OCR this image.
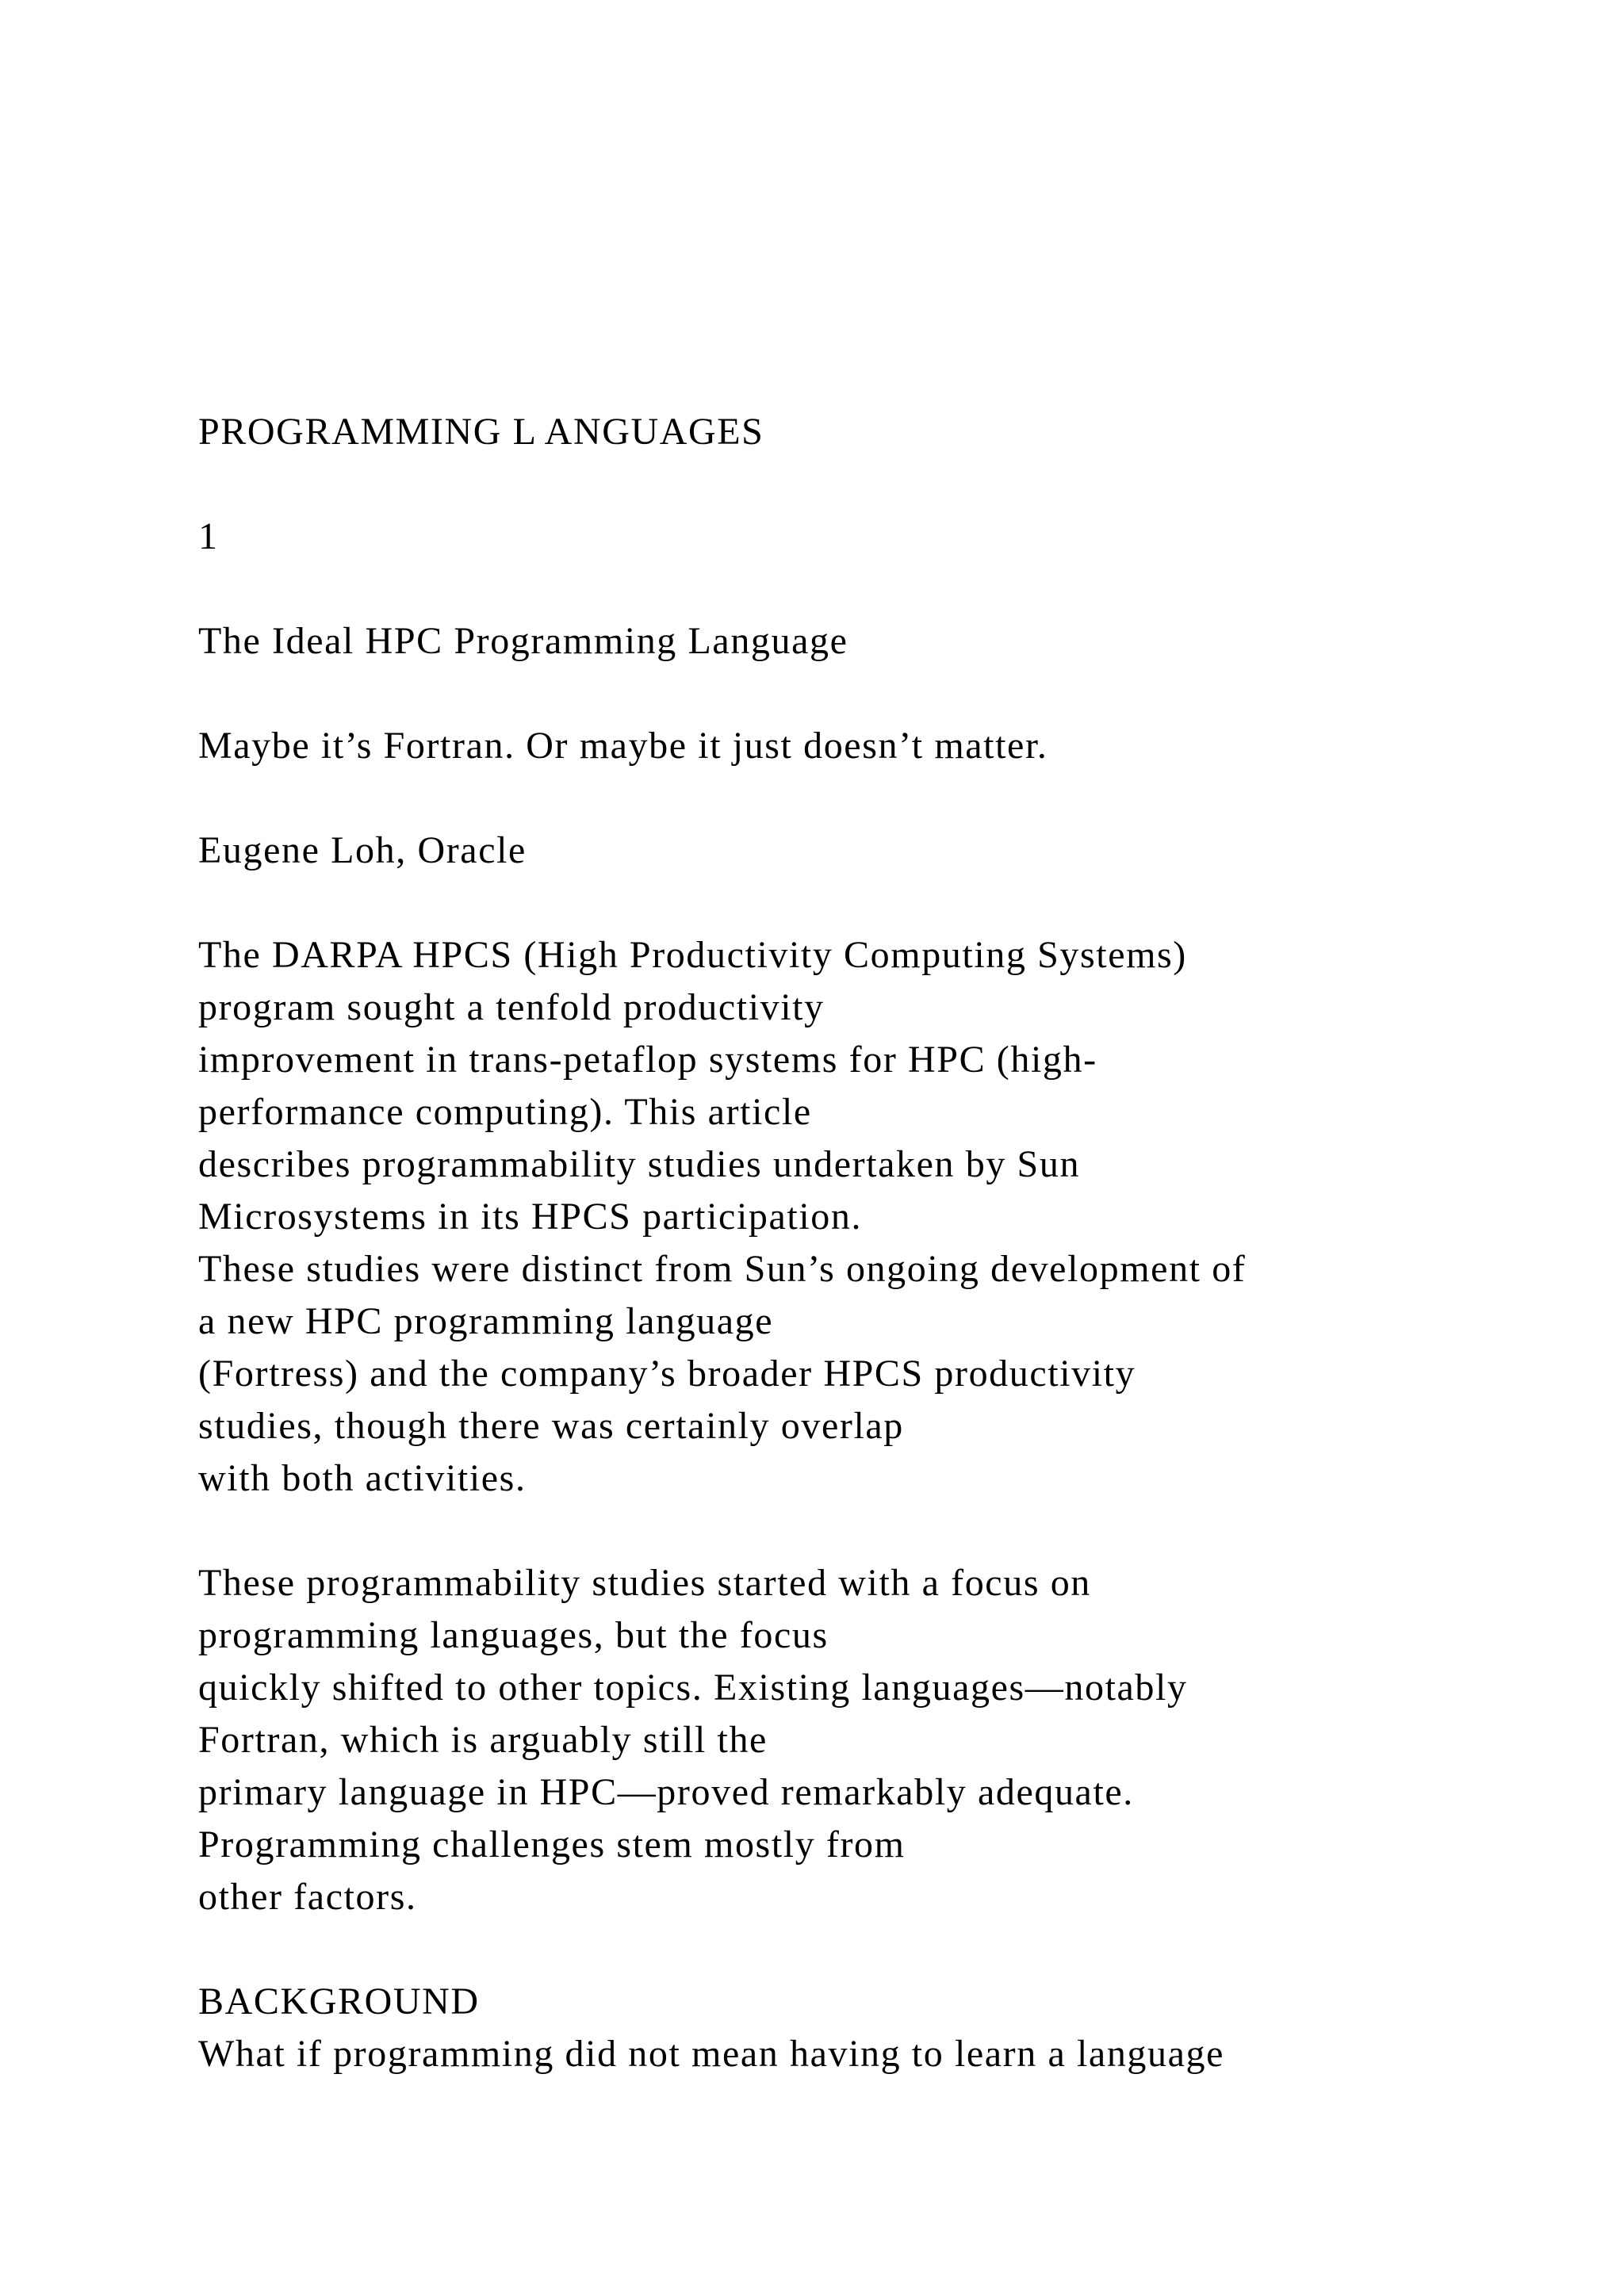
PROGRAMMING L ANGUAGES
1
The Ideal HPC Programming Language
Maybe it’s Fortran. Or maybe it just doesn’t matter.
Eugene Loh, Oracle
The DARPA HPCS (High Productivity Computing Systems)
program sought a tenfold productivity
improvement in trans-petaflop systems for HPC (high-
performance computing). This article
describes programmability studies undertaken by Sun
Microsystems in its HPCS participation.
These studies were distinct from Sun’s ongoing development of
a new HPC programming language
(Fortress) and the company’s broader HPCS productivity
studies, though there was certainly overlap
with both activities.
These programmability studies started with a focus on
programming languages, but the focus
quickly shifted to other topics. Existing languages—notably
Fortran, which is arguably still the
primary language in HPC—proved remarkably adequate.
Programming challenges stem mostly from
other factors.
BACKGROUND
What if programming did not mean having to learn a language
